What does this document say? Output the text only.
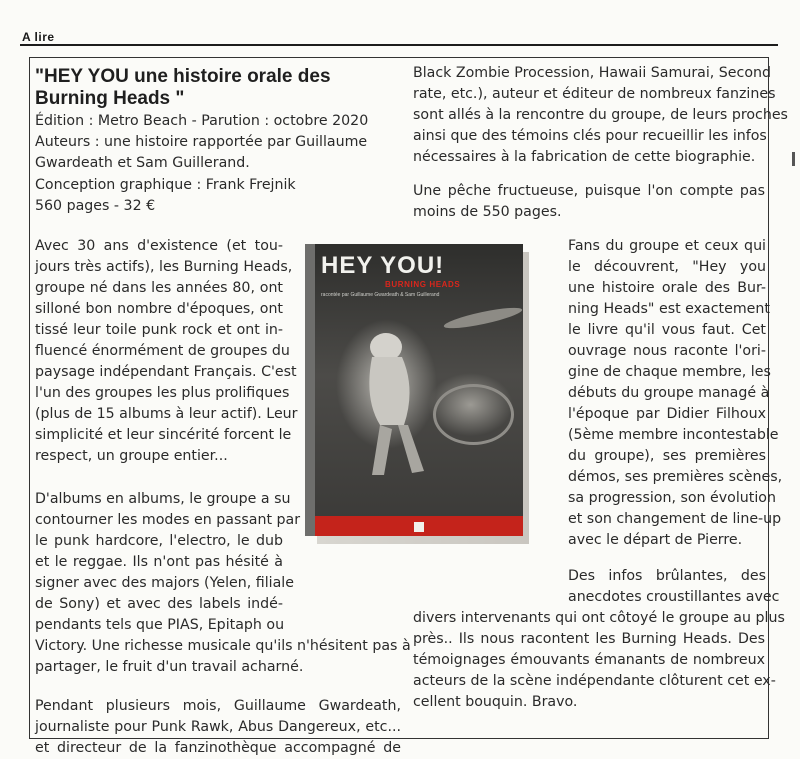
A lire
"HEY YOU une histoire orale des Burning Heads "
Édition : Metro Beach - Parution : octobre 2020
Auteurs : une histoire rapportée par Guillaume
Gwardeath et Sam Guillerand.
Conception graphique : Frank Frejnik
560 pages - 32 €
Avec 30 ans d'existence (et tou-
jours très actifs), les Burning Heads,
groupe né dans les années 80, ont
silloné bon nombre d'époques, ont
tissé leur toile punk rock et ont in-
fluencé énormément de groupes du
paysage indépendant Français. C'est
l'un des groupes les plus prolifiques
(plus de 15 albums à leur actif). Leur
simplicité et leur sincérité forcent le
respect, un groupe entier...
D'albums en albums, le groupe a su
contourner les modes en passant par
le punk hardcore, l'electro, le dub
et le reggae. Ils n'ont pas hésité à
signer avec des majors (Yelen, filiale
de Sony) et avec des labels indé-
pendants tels que PIAS, Epitaph ou
Victory. Une richesse musicale qu'ils n'hésitent pas à
partager, le fruit d'un travail acharné.
Pendant plusieurs mois, Guillaume Gwardeath,
journaliste pour Punk Rawk, Abus Dangereux, etc...
et directeur de la fanzinothèque accompagné de
Black Zombie Procession, Hawaii Samurai, Second
rate, etc.), auteur et éditeur de nombreux fanzines
sont allés à la rencontre du groupe, de leurs proches
ainsi que des témoins clés pour recueillir les infos
nécessaires à la fabrication de cette biographie.
Une pêche fructueuse, puisque l'on compte pas
moins de 550 pages.
HEY YOU!
BURNING HEADS
racontée par Guillaume Gwardeath & Sam Guillerand
Fans du groupe et ceux qui
le découvrent, "Hey you
une histoire orale des Bur-
ning Heads" est exactement
le livre qu'il vous faut. Cet
ouvrage nous raconte l'ori-
gine de chaque membre, les
débuts du groupe managé à
l'époque par Didier Filhoux
(5ème membre incontestable
du groupe), ses premières
démos, ses premières scènes,
sa progression, son évolution
et son changement de line-up
avec le départ de Pierre.
Des infos brûlantes, des
anecdotes croustillantes avec
divers intervenants qui ont côtoyé le groupe au plus
près.. Ils nous racontent les Burning Heads. Des
témoignages émouvants émanants de nombreux
acteurs de la scène indépendante clôturent cet ex-
cellent bouquin. Bravo.
